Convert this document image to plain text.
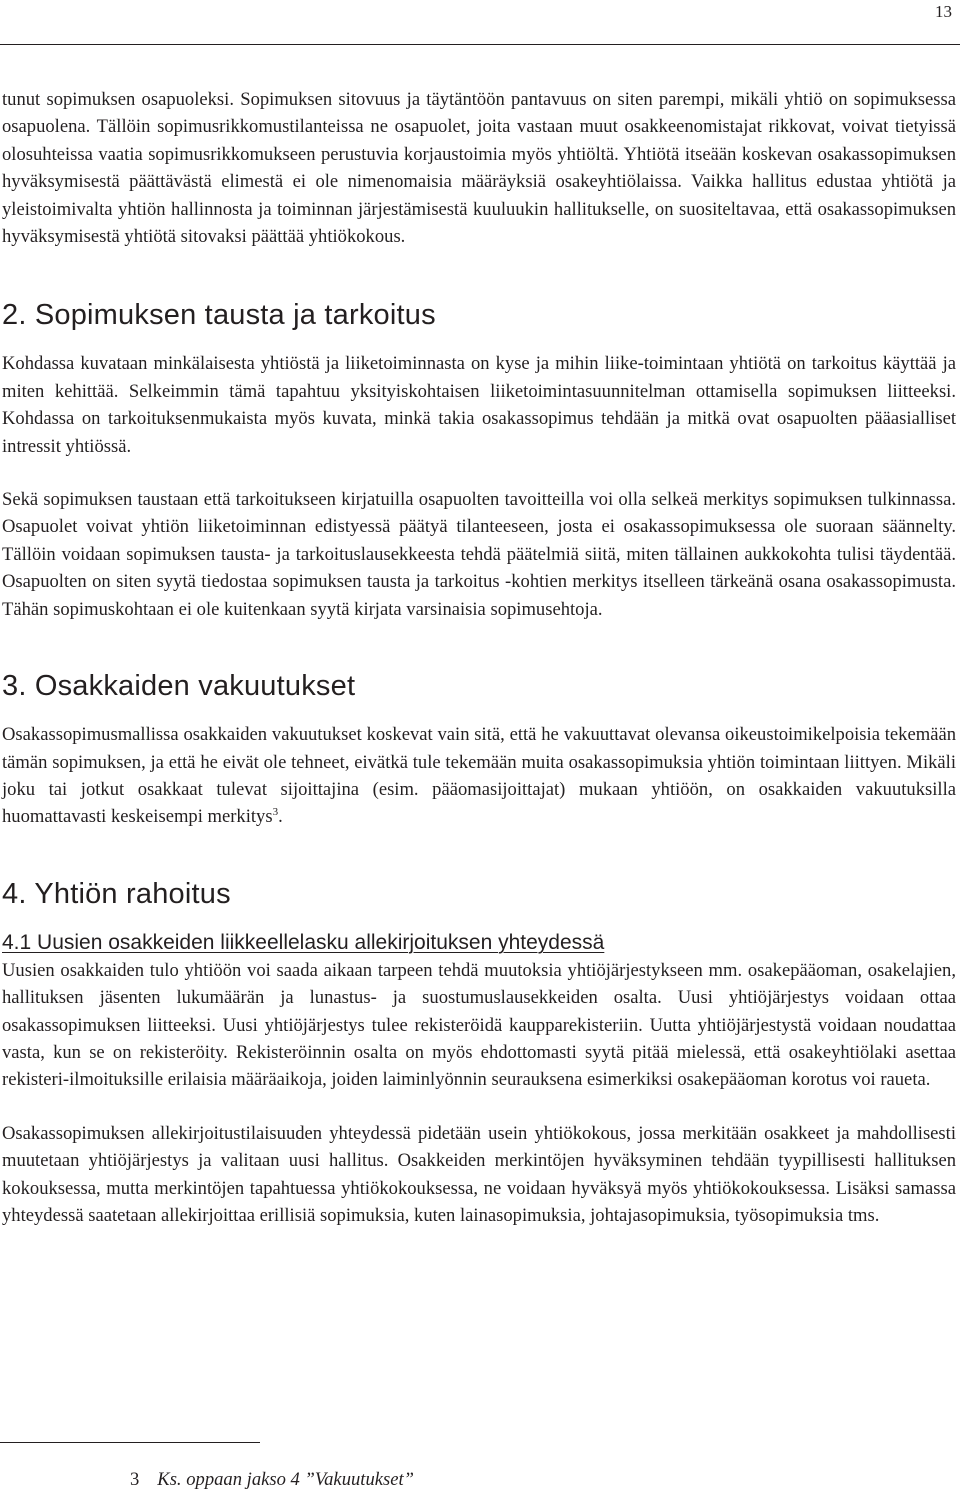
13

tunut sopimuksen osapuoleksi. Sopimuksen sitovuus ja täytäntöön pantavuus on siten parempi, mikäli yhtiö on sopimuksessa osapuolena. Tällöin sopimusrikkomustilanteissa ne osapuolet, joita vastaan muut osakkeenomistajat rikkovat, voivat tietyissä olosuhteissa vaatia sopimusrikkomukseen perustuvia korjaustoimia myös yhtiöltä. Yhtiötä itseään koskevan osakassopimuksen hyväksymisestä päättävästä elimestä ei ole nimenomaisia määräyksiä osakeyhtiölaissa. Vaikka hallitus edustaa yhtiötä ja yleistoimivalta yhtiön hallinnosta ja toiminnan järjestämisestä kuuluukin hallitukselle, on suositeltavaa, että osakassopimuksen hyväksymisestä yhtiötä sitovaksi päättää yhtiökokous.

2. Sopimuksen tausta ja tarkoitus

Kohdassa kuvataan minkälaisesta yhtiöstä ja liiketoiminnasta on kyse ja mihin liike-toimintaan yhtiötä on tarkoitus käyttää ja miten kehittää. Selkeimmin tämä tapahtuu yksityiskohtaisen liiketoimintasuunnitelman ottamisella sopimuksen liitteeksi. Kohdassa on tarkoituksenmukaista myös kuvata, minkä takia osakassopimus tehdään ja mitkä ovat osapuolten pääasialliset intressit yhtiössä.

Sekä sopimuksen taustaan että tarkoitukseen kirjatuilla osapuolten tavoitteilla voi olla selkeä merkitys sopimuksen tulkinnassa. Osapuolet voivat yhtiön liiketoiminnan edistyessä päätyä tilanteeseen, josta ei osakassopimuksessa ole suoraan säännelty. Tällöin voidaan sopimuksen tausta- ja tarkoituslausekkeesta tehdä päätelmiä siitä, miten tällainen aukkokohta tulisi täydentää. Osapuolten on siten syytä tiedostaa sopimuksen tausta ja tarkoitus -kohtien merkitys itselleen tärkeänä osana osakassopimusta. Tähän sopimuskohtaan ei ole kuitenkaan syytä kirjata varsinaisia sopimusehtoja.

3. Osakkaiden vakuutukset

Osakassopimusmallissa osakkaiden vakuutukset koskevat vain sitä, että he vakuuttavat olevansa oikeustoimikelpoisia tekemään tämän sopimuksen, ja että he eivät ole tehneet, eivätkä tule tekemään muita osakassopimuksia yhtiön toimintaan liittyen. Mikäli joku tai jotkut osakkaat tulevat sijoittajina (esim. pääomasijoittajat) mukaan yhtiöön, on osakkaiden vakuutuksilla huomattavasti keskeisempi merkitys$^3$.

4. Yhtiön rahoitus
4.1 Uusien osakkeiden liikkeellelasku allekirjoituksen yhteydessä

Uusien osakkaiden tulo yhtiöön voi saada aikaan tarpeen tehdä muutoksia yhtiöjärjestykseen mm. osakepääoman, osakelajien, hallituksen jäsenten lukumäärän ja lunastus- ja suostumuslausekkeiden osalta. Uusi yhtiöjärjestys voidaan ottaa osakassopimuksen liitteeksi. Uusi yhtiöjärjestys tulee rekisteröidä kaupparekisteriin. Uutta yhtiöjärjestystä voidaan noudattaa vasta, kun se on rekisteröity. Rekisteröinnin osalta on myös ehdottomasti syytä pitää mielessä, että osakeyhtiölaki asettaa rekisteri-ilmoituksille erilaisia määräaikoja, joiden laiminlyönnin seurauksena esimerkiksi osakepääoman korotus voi raueta.

Osakassopimuksen allekirjoitustilaisuuden yhteydessä pidetään usein yhtiökokous, jossa merkitään osakkeet ja mahdollisesti muutetaan yhtiöjärjestys ja valitaan uusi hallitus. Osakkeiden merkintöjen hyväksyminen tehdään tyypillisesti hallituksen kokouksessa, mutta merkintöjen tapahtuessa yhtiökokouksessa, ne voidaan hyväksyä myös yhtiökokouksessa. Lisäksi samassa yhteydessä saatetaan allekirjoittaa erillisiä sopimuksia, kuten lainasopimuksia, johtajasopimuksia, työsopimuksia tms.

3 Ks. oppaan jakso 4 ”Vakuutukset”
